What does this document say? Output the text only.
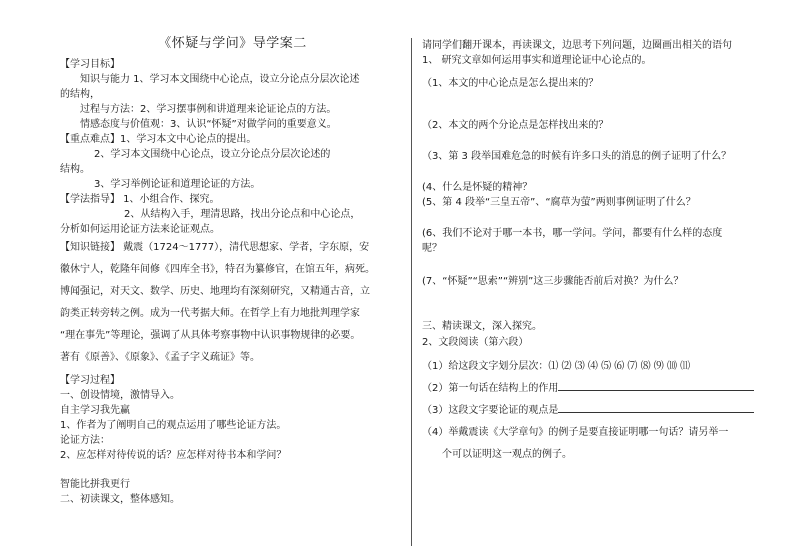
《怀疑与学问》导学案二
【学习目标】
知识与能力 1、学习本文围绕中心论点，设立分论点分层次论述
的结构，
过程与方法：2、学习摆事例和讲道理来论证论点的方法。
情感态度与价值观：3、认识“怀疑”对做学问的重要意义。
【重点难点】1、学习本文中心论点的提出。
2、学习本文围绕中心论点，设立分论点分层次论述的
结构。
3、学习举例论证和道理论证的方法。
【学法指导】 1、小组合作、探究。
2、从结构入手，理清思路，找出分论点和中心论点，
分析如何运用论证方法来论证观点。
【知识链接】 戴震（1724～1777），清代思想家、学者，字东原，安
徽休宁人，乾隆年间修《四库全书》，特召为纂修官，在馆五年，病死。
博闻强记，对天文、数学、历史、地理均有深刻研究，又精通古音，立
韵类正转旁转之例。成为一代考据大师。在哲学上有力地批判理学家
“理在事先”等理论，强调了从具体考察事物中认识事物规律的必要。
著有《原善》、《原象》、《孟子字义疏证》等。
【学习过程】
一、创设情境，激情导入。
自主学习我先赢
1、作者为了阐明自己的观点运用了哪些论证方法。
论证方法：
2、应怎样对待传说的话？应怎样对待书本和学问？
智能比拼我更行
二、初读课文，整体感知。
请同学们翻开课本，再读课文，边思考下列问题，边圈画出相关的语句
1、 研究文章如何运用事实和道理论证中心论点的。
（1、本文的中心论点是怎么提出来的？
（2、本文的两个分论点是怎样找出来的？
（3、第 3 段举国难危急的时候有许多口头的消息的例子证明了什么？
(4、什么是怀疑的精神？
(5、第 4 段举“三皇五帝”、“腐草为萤”两则事例证明了什么？
(6、我们不论对于哪一本书，哪一学问。学问，都要有什么样的态度
呢？
(7、“怀疑”“思索”“辨别”这三步骤能否前后对换？为什么？
三、精读课文，深入探究。
2、文段阅读（第六段）
（1）给这段文字划分层次：⑴ ⑵ ⑶ ⑷ ⑸ ⑹ ⑺ ⑻ ⑼ ⑽ ⑾
（2）第一句话在结构上的作用
（3）这段文字要论证的观点是
（4）举戴震读《大学章句》的例子是要直接证明哪一句话？请另举一
个可以证明这一观点的例子。
